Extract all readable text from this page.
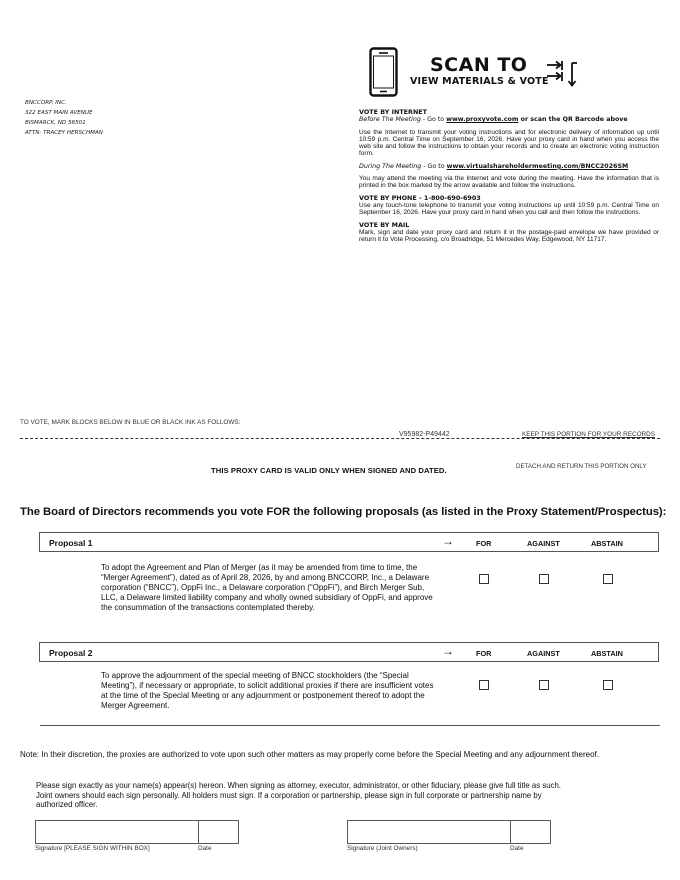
BNCCORP, INC.
322 EAST MAIN AVENUE
BISMARCK, ND 58501
ATTN: TRACEY HERSCHMAN
SCAN TO
VIEW MATERIALS & VOTE
VOTE BY INTERNET
Before The Meeting - Go to www.proxyvote.com or scan the QR Barcode above

Use the Internet to transmit your voting instructions and for electronic delivery of information up until 10:59 p.m. Central Time on September 16, 2026. Have your proxy card in hand when you access the web site and follow the instructions to obtain your records and to create an electronic voting instruction form.

During The Meeting - Go to www.virtualshareholdermeeting.com/BNCC2026SM

You may attend the meeting via the Internet and vote during the meeting. Have the information that is printed in the box marked by the arrow available and follow the instructions.

VOTE BY PHONE - 1-800-690-6903

Use any touch-tone telephone to transmit your voting instructions up until 10:59 p.m. Central Time on September 16, 2026. Have your proxy card in hand when you call and then follow the instructions.

VOTE BY MAIL

Mark, sign and date your proxy card and return it in the postage-paid envelope we have provided or return it to Vote Processing, c/o Broadridge, 51 Mercedes Way, Edgewood, NY 11717.

TO VOTE, MARK BLOCKS BELOW IN BLUE OR BLACK INK AS FOLLOWS:
V95982-P49442	KEEP THIS PORTION FOR YOUR RECORDS
THIS PROXY CARD IS VALID ONLY WHEN SIGNED AND DATED.	DETACH AND RETURN THIS PORTION ONLY
The Board of Directors recommends you vote FOR the following proposals (as listed in the Proxy Statement/Prospectus):
Proposal 1	→	FOR	AGAINST	ABSTAIN
To adopt the Agreement and Plan of Merger (as it may be amended from time to time, the “Merger Agreement”), dated as of April 28, 2026, by and among BNCCORP, Inc., a Delaware corporation (“BNCC”), OppFi Inc., a Delaware corporation (“OppFi”), and Birch Merger Sub, LLC, a Delaware limited liability company and wholly owned subsidiary of OppFi, and approve the consummation of the transactions contemplated thereby.
Proposal 2	→	FOR	AGAINST	ABSTAIN
To approve the adjournment of the special meeting of BNCC stockholders (the “Special Meeting”), if necessary or appropriate, to solicit additional proxies if there are insufficient votes at the time of the Special Meeting or any adjournment or postponement thereof to adopt the Merger Agreement.
Note: In their discretion, the proxies are authorized to vote upon such other matters as may properly come before the Special Meeting and any adjournment thereof.
Please sign exactly as your name(s) appear(s) hereon. When signing as attorney, executor, administrator, or other fiduciary, please give full title as such. Joint owners should each sign personally. All holders must sign. If a corporation or partnership, please sign in full corporate or partnership name by authorized officer.
Signature [PLEASE SIGN WITHIN BOX]	Date	Signature (Joint Owners)	Date
